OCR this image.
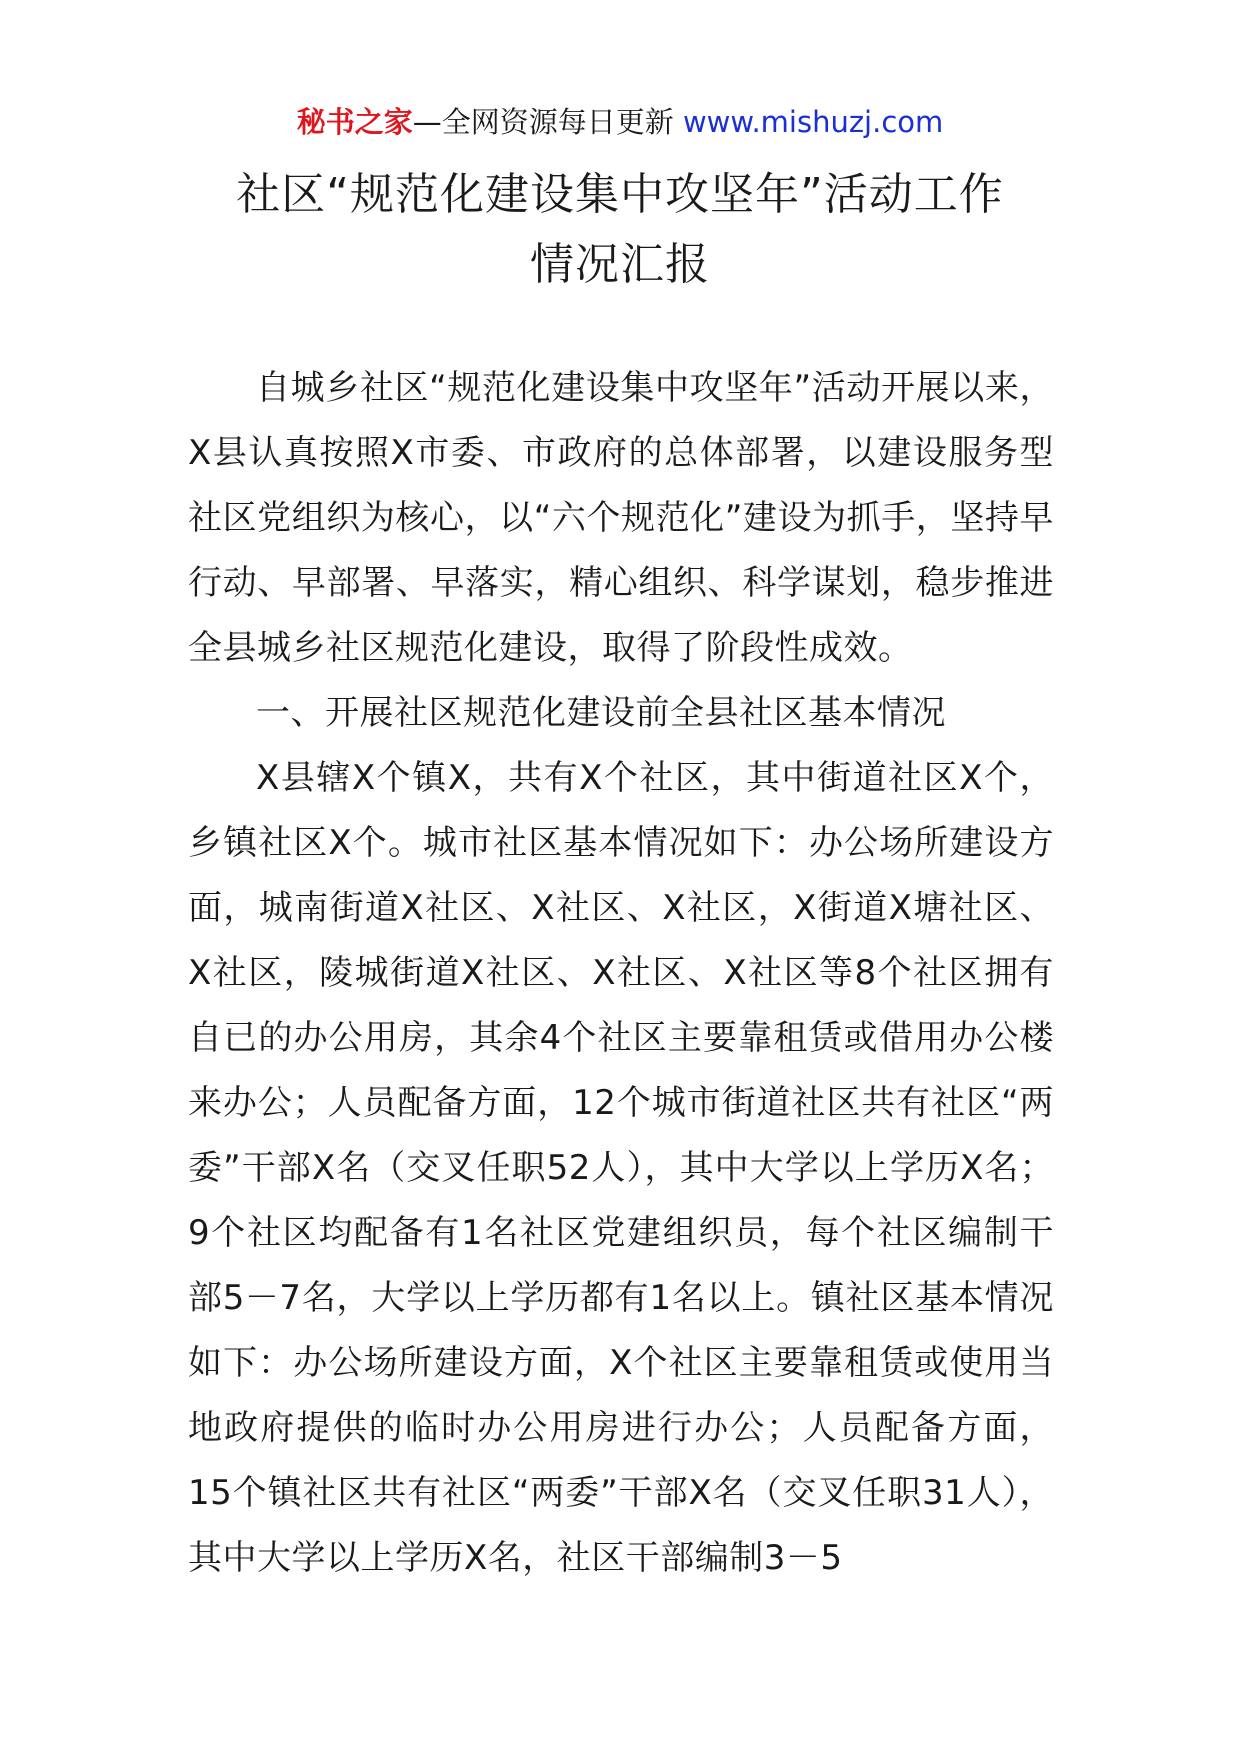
秘书之家—全网资源每日更新 www.mishuzj.com
社区“规范化建设集中攻坚年”活动工作
情况汇报

自城乡社区“规范化建设集中攻坚年”活动开展以来，X县认真按照X市委、市政府的总体部署，以建设服务型社区党组织为核心，以“六个规范化”建设为抓手，坚持早行动、早部署、早落实，精心组织、科学谋划，稳步推进全县城乡社区规范化建设，取得了阶段性成效。

一、开展社区规范化建设前全县社区基本情况

X县辖X个镇X，共有X个社区，其中街道社区X个，乡镇社区X个。城市社区基本情况如下：办公场所建设方面，城南街道X社区、X社区、X社区，X街道X塘社区、X社区，陵城街道X社区、X社区、X社区等8个社区拥有自已的办公用房，其余4个社区主要靠租赁或借用办公楼来办公；人员配备方面，12个城市街道社区共有社区“两委”干部X名（交叉任职52人），其中大学以上学历X名；9个社区均配备有1名社区党建组织员，每个社区编制干部5－7名，大学以上学历都有1名以上。镇社区基本情况如下：办公场所建设方面，X个社区主要靠租赁或使用当地政府提供的临时办公用房进行办公；人员配备方面，15个镇社区共有社区“两委”干部X名（交叉任职31人），其中大学以上学历X名，社区干部编制3－5
